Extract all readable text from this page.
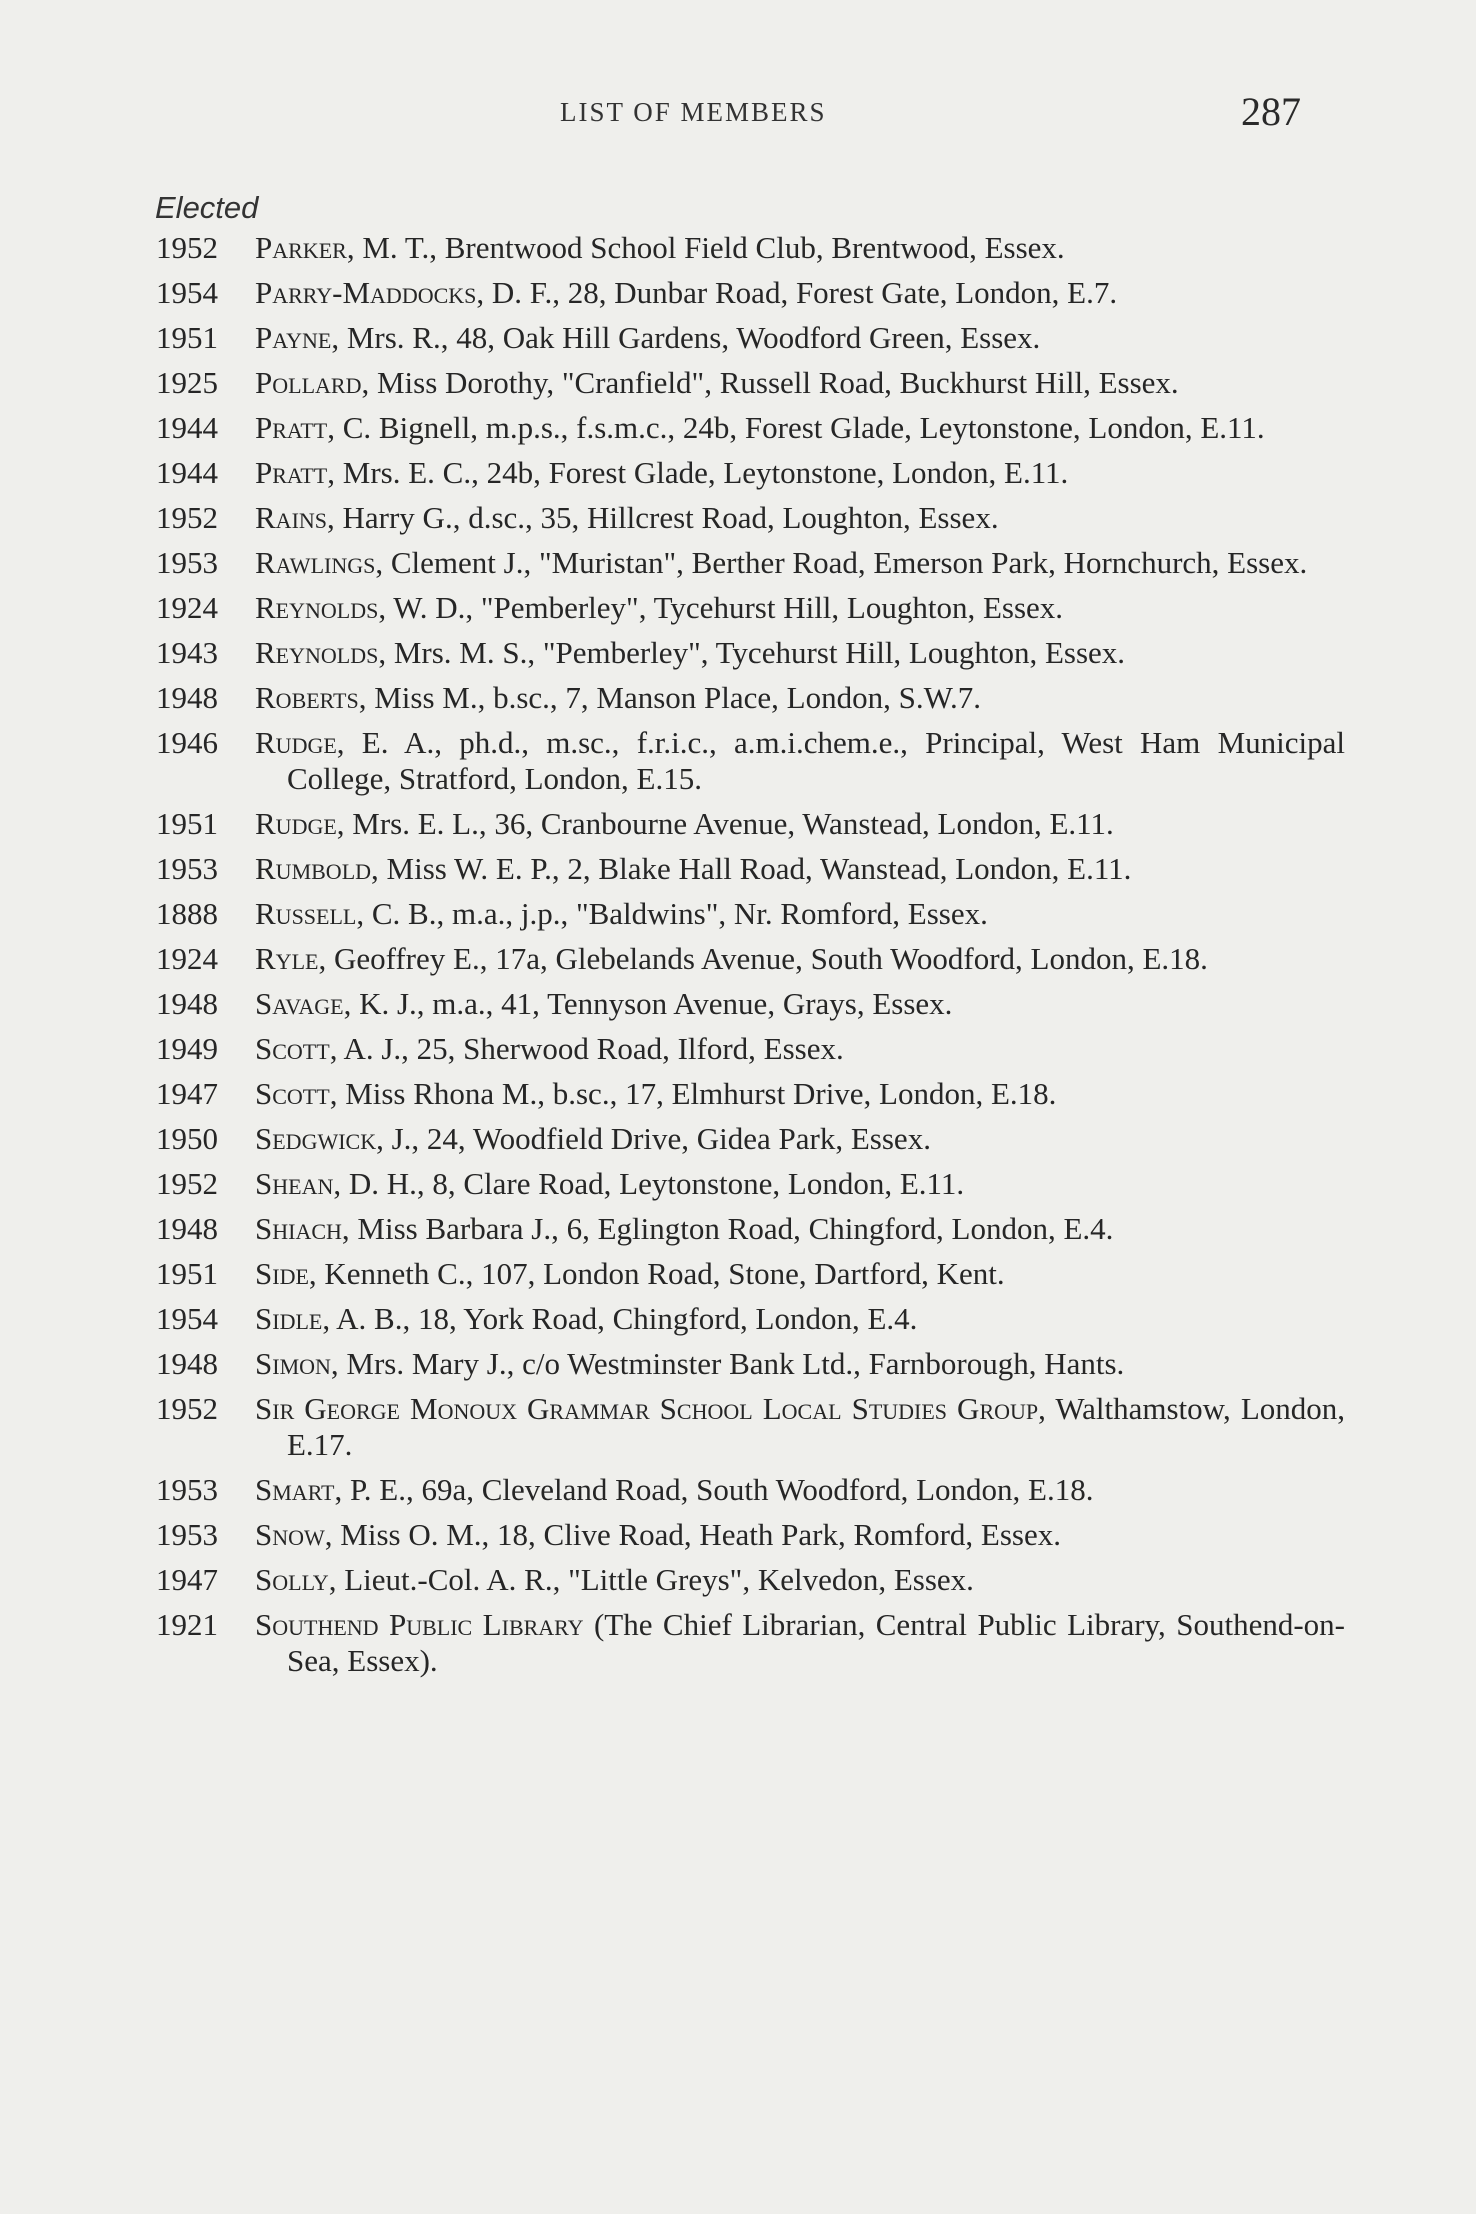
LIST OF MEMBERS	287
Elected
1952	Parker, M. T., Brentwood School Field Club, Brentwood, Essex.
1954	Parry-Maddocks, D. F., 28, Dunbar Road, Forest Gate, London, E.7.
1951	Payne, Mrs. R., 48, Oak Hill Gardens, Woodford Green, Essex.
1925	Pollard, Miss Dorothy, "Cranfield", Russell Road, Buckhurst Hill, Essex.
1944	Pratt, C. Bignell, m.p.s., f.s.m.c., 24b, Forest Glade, Leytonstone, London, E.11.
1944	Pratt, Mrs. E. C., 24b, Forest Glade, Leytonstone, London, E.11.
1952	Rains, Harry G., d.sc., 35, Hillcrest Road, Loughton, Essex.
1953	Rawlings, Clement J., "Muristan", Berther Road, Emerson Park, Hornchurch, Essex.
1924	Reynolds, W. D., "Pemberley", Tycehurst Hill, Loughton, Essex.
1943	Reynolds, Mrs. M. S., "Pemberley", Tycehurst Hill, Loughton, Essex.
1948	Roberts, Miss M., b.sc., 7, Manson Place, London, S.W.7.
1946	Rudge, E. A., ph.d., m.sc., f.r.i.c., a.m.i.chem.e., Principal, West Ham Municipal College, Stratford, London, E.15.
1951	Rudge, Mrs. E. L., 36, Cranbourne Avenue, Wanstead, London, E.11.
1953	Rumbold, Miss W. E. P., 2, Blake Hall Road, Wanstead, London, E.11.
1888	Russell, C. B., m.a., j.p., "Baldwins", Nr. Romford, Essex.
1924	Ryle, Geoffrey E., 17a, Glebelands Avenue, South Woodford, London, E.18.
1948	Savage, K. J., m.a., 41, Tennyson Avenue, Grays, Essex.
1949	Scott, A. J., 25, Sherwood Road, Ilford, Essex.
1947	Scott, Miss Rhona M., b.sc., 17, Elmhurst Drive, London, E.18.
1950	Sedgwick, J., 24, Woodfield Drive, Gidea Park, Essex.
1952	Shean, D. H., 8, Clare Road, Leytonstone, London, E.11.
1948	Shiach, Miss Barbara J., 6, Eglington Road, Chingford, London, E.4.
1951	Side, Kenneth C., 107, London Road, Stone, Dartford, Kent.
1954	Sidle, A. B., 18, York Road, Chingford, London, E.4.
1948	Simon, Mrs. Mary J., c/o Westminster Bank Ltd., Farnborough, Hants.
1952	Sir George Monoux Grammar School Local Studies Group, Walthamstow, London, E.17.
1953	Smart, P. E., 69a, Cleveland Road, South Woodford, London, E.18.
1953	Snow, Miss O. M., 18, Clive Road, Heath Park, Romford, Essex.
1947	Solly, Lieut.-Col. A. R., "Little Greys", Kelvedon, Essex.
1921	Southend Public Library (The Chief Librarian, Central Public Library, Southend-on-Sea, Essex).
